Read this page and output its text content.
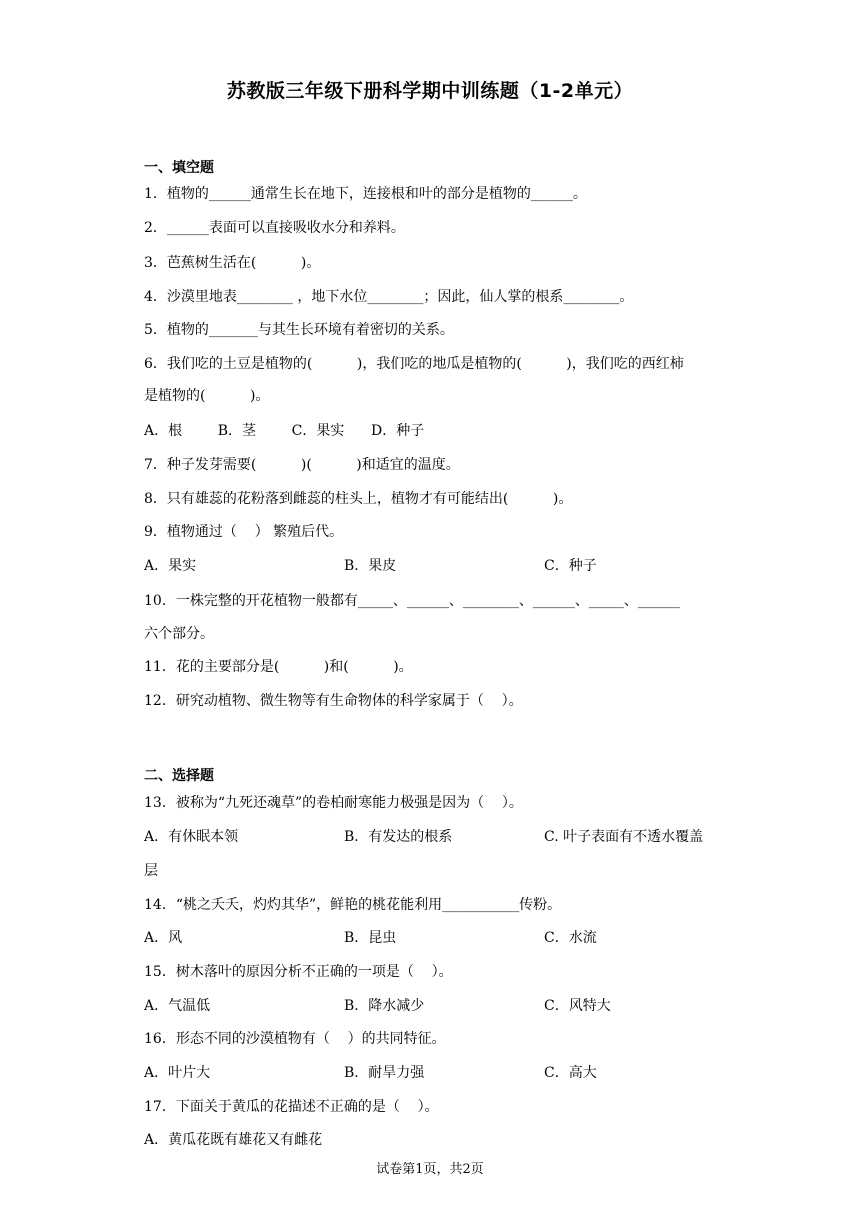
苏教版三年级下册科学期中训练题（1-2单元）
一、填空题
1．植物的______通常生长在地下，连接根和叶的部分是植物的______。
2．______表面可以直接吸收水分和养料。
3．芭蕉树生活在(          )。
4．沙漠里地表________ ，地下水位________；因此，仙人掌的根系________。
5．植物的_______与其生长环境有着密切的关系。
6．我们吃的土豆是植物的(          )，我们吃的地瓜是植物的(          )，我们吃的西红柿
是植物的(          )。
A．根        B．茎        C．果实      D．种子
7．种子发芽需要(          )(          )和适宜的温度。
8．只有雄蕊的花粉落到雌蕊的柱头上，植物才有可能结出(          )。
9．植物通过（    ） 繁殖后代。
A．果实	B．果皮	C．种子
10．一株完整的开花植物一般都有_____、______、________、______、_____、______
六个部分。
11．花的主要部分是(          )和(          )。
12．研究动植物、微生物等有生命物体的科学家属于（    ）。
二、选择题
13．被称为“九死还魂草”的卷柏耐寒能力极强是因为（    ）。
A．有休眠本领	B．有发达的根系	C. 叶子表面有不透水覆盖
层
14．“桃之夭夭，灼灼其华”，鲜艳的桃花能利用___________传粉。
A．风	B．昆虫	C．水流
15．树木落叶的原因分析不正确的一项是（    ）。
A．气温低	B．降水减少	C．风特大
16．形态不同的沙漠植物有（    ）的共同特征。
A．叶片大	B．耐旱力强	C．高大
17．下面关于黄瓜的花描述不正确的是（    ）。
A．黄瓜花既有雄花又有雌花
试卷第1页，共2页
